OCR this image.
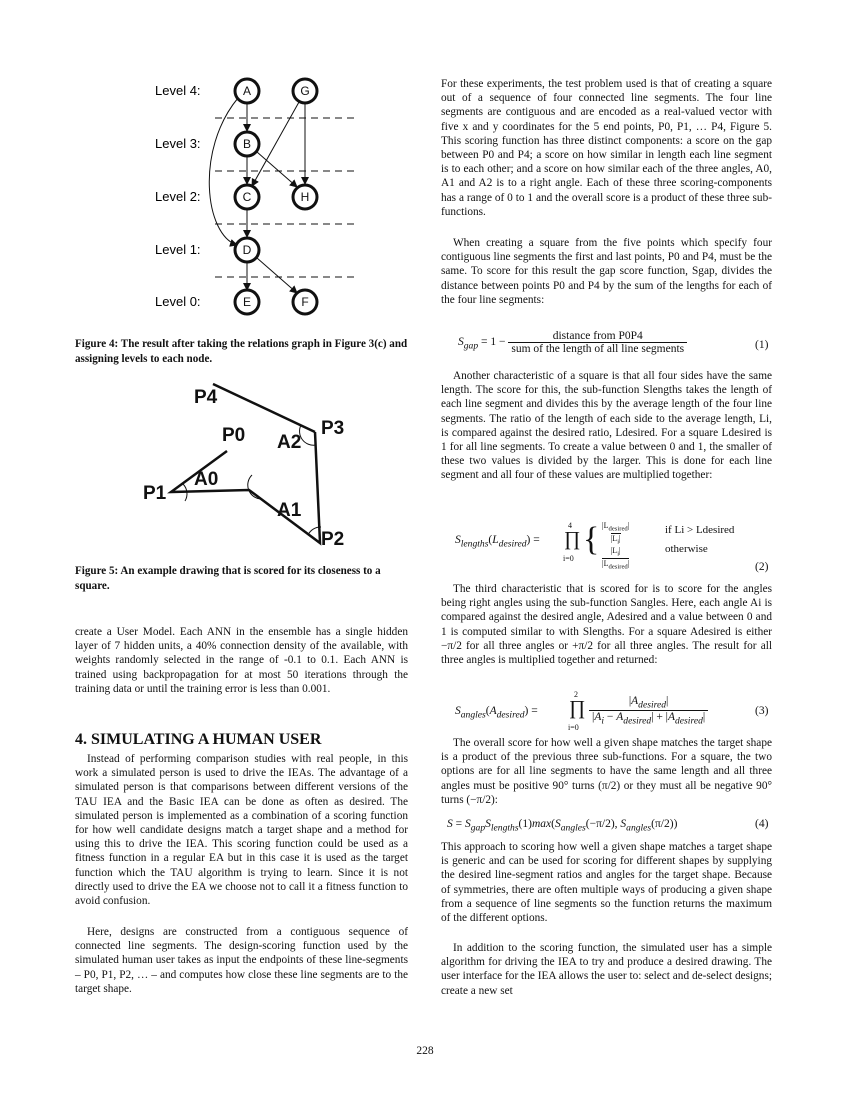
Level 4:
Level 3:
Level 2:
Level 1:
Level 0:
A	G
B
C	H
D
E	F
Figure 4: The result after taking the relations graph in Figure 3(c) and assigning levels to each node.
P4
P0	P3
P1
P2
A2
A0
A1
Figure 5: An example drawing that is scored for its closeness to a square.
create a User Model. Each ANN in the ensemble has a single hidden layer of 7 hidden units, a 40% connection density of the available, with weights randomly selected in the range of -0.1 to 0.1. Each ANN is trained using backpropagation for at most 50 iterations through the training data or until the training error is less than 0.001.
4. SIMULATING A HUMAN USER
Instead of performing comparison studies with real people, in this work a simulated person is used to drive the IEAs. The advantage of a simulated person is that comparisons between different versions of the TAU IEA and the Basic IEA can be done as often as desired. The simulated person is implemented as a combination of a scoring function for how well candidate designs match a target shape and a method for using this to drive the IEA. This scoring function could be used as a fitness function in a regular EA but in this case it is used as the target function which the TAU algorithm is trying to learn. Since it is not directly used to drive the EA we choose not to call it a fitness function to avoid confusion.
Here, designs are constructed from a contiguous sequence of connected line segments. The design-scoring function used by the simulated human user takes as input the endpoints of these line-segments – P0, P1, P2, … – and computes how close these line segments are to the target shape.
For these experiments, the test problem used is that of creating a square out of a sequence of four connected line segments. The four line segments are contiguous and are encoded as a real-valued vector with five x and y coordinates for the 5 end points, P0, P1, … P4, Figure 5. This scoring function has three distinct components: a score on the gap between P0 and P4; a score on how similar in length each line segment is to each other; and a score on how similar each of the three angles, A0, A1 and A2 is to a right angle. Each of these three scoring-components has a range of 0 to 1 and the overall score is a product of these three sub-functions.
When creating a square from the five points which specify four contiguous line segments the first and last points, P0 and P4, must be the same. To score for this result the gap score function, Sgap, divides the distance between points P0 and P4 by the sum of the lengths for each of the four line segments:
$S_{gap} = 1 - \frac{\text{distance from P0P4}}{\text{sum of the length of all line segments}}$	(1)
Another characteristic of a square is that all four sides have the same length. The score for this, the sub-function Slengths takes the length of each line segment and divides this by the average length of the four line segments. The ratio of the length of each side to the average length, Li, is compared against the desired ratio, Ldesired. For a square Ldesired is 1 for all line segments. To create a value between 0 and 1, the smaller of these two values is divided by the larger. This is done for each line segment and all four of these values are multiplied together:
$S_{lengths}(L_{desired})$ =
4
∏
i=0
{ $|L_{desired}|$
$|L_i|$
$|L_i|$
$|L_{desired}|$
if Li > Ldesired
otherwise
(2)
The third characteristic that is scored for is to score for the angles being right angles using the sub-function Sangles. Here, each angle Ai is compared against the desired angle, Adesired and a value between 0 and 1 is computed similar to with Slengths. For a square Adesired is either −π/2 for all three angles or +π/2 for all three angles. The result for all three angles is multiplied together and returned:
$S_{angles}(A_{desired})$ =
2
∏
i=0
$|A_{desired}|$
$|A_i - A_{desired}| + |A_{desired}|$
(3)
The overall score for how well a given shape matches the target shape is a product of the previous three sub-functions. For a square, the two options are for all line segments to have the same length and all three angles must be positive 90° turns (π/2) or they must all be negative 90° turns (−π/2):
$S = S_{gap}S_{lengths}(1)\max(S_{angles}(-\pi/2)$, $S_{angles}(\pi/2)$)	(4)
This approach to scoring how well a given shape matches a target shape is generic and can be used for scoring for different shapes by supplying the desired line-segment ratios and angles for the target shape. Because of symmetries, there are often multiple ways of producing a given shape from a sequence of line segments so the function returns the maximum of the different options.
In addition to the scoring function, the simulated user has a simple algorithm for driving the IEA to try and produce a desired drawing. The user interface for the IEA allows the user to: select and de-select designs; create a new set
228
